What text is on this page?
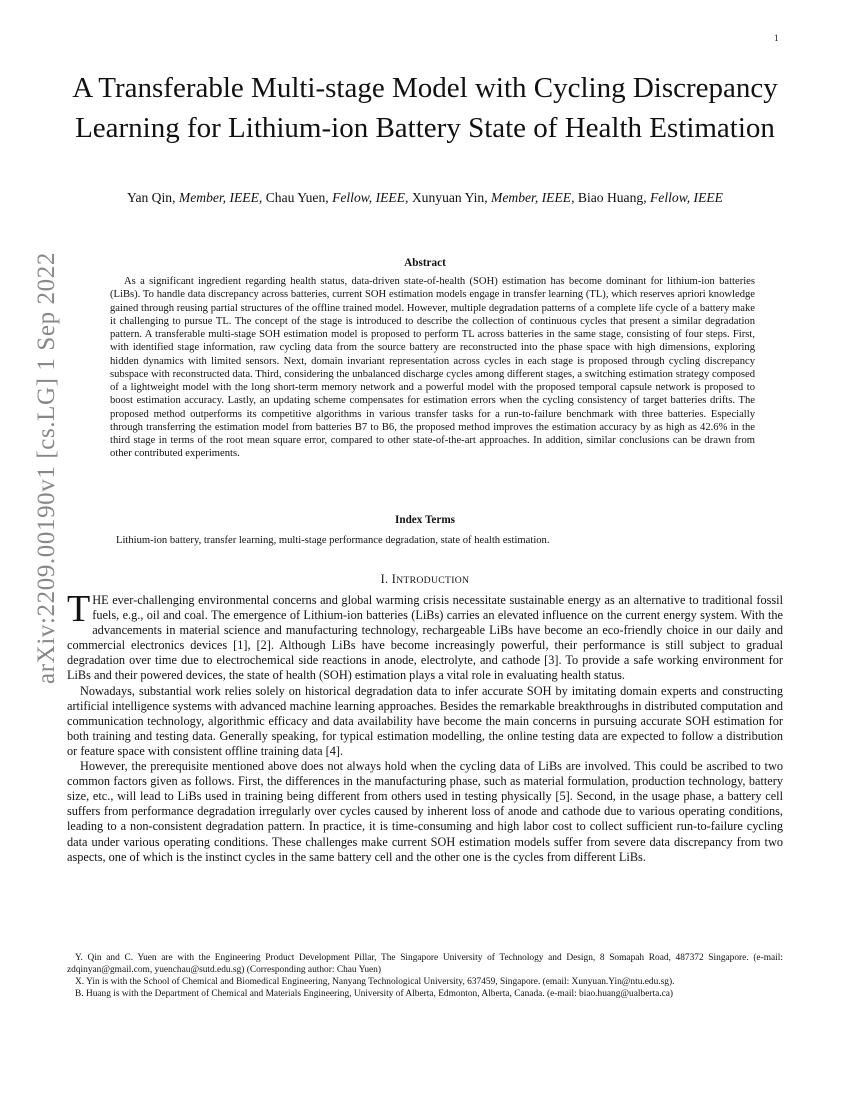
1
arXiv:2209.00190v1 [cs.LG] 1 Sep 2022
A Transferable Multi-stage Model with Cycling Discrepancy Learning for Lithium-ion Battery State of Health Estimation
Yan Qin, Member, IEEE, Chau Yuen, Fellow, IEEE, Xunyuan Yin, Member, IEEE, Biao Huang, Fellow, IEEE
Abstract

As a significant ingredient regarding health status, data-driven state-of-health (SOH) estimation has become dominant for lithium-ion batteries (LiBs). To handle data discrepancy across batteries, current SOH estimation models engage in transfer learning (TL), which reserves apriori knowledge gained through reusing partial structures of the offline trained model. However, multiple degradation patterns of a complete life cycle of a battery make it challenging to pursue TL. The concept of the stage is introduced to describe the collection of continuous cycles that present a similar degradation pattern. A transferable multi-stage SOH estimation model is proposed to perform TL across batteries in the same stage, consisting of four steps. First, with identified stage information, raw cycling data from the source battery are reconstructed into the phase space with high dimensions, exploring hidden dynamics with limited sensors. Next, domain invariant representation across cycles in each stage is proposed through cycling discrepancy subspace with reconstructed data. Third, considering the unbalanced discharge cycles among different stages, a switching estimation strategy composed of a lightweight model with the long short-term memory network and a powerful model with the proposed temporal capsule network is proposed to boost estimation accuracy. Lastly, an updating scheme compensates for estimation errors when the cycling consistency of target batteries drifts. The proposed method outperforms its competitive algorithms in various transfer tasks for a run-to-failure benchmark with three batteries. Especially through transferring the estimation model from batteries B7 to B6, the proposed method improves the estimation accuracy by as high as 42.6% in the third stage in terms of the root mean square error, compared to other state-of-the-art approaches. In addition, similar conclusions can be drawn from other contributed experiments.

Index Terms

Lithium-ion battery, transfer learning, multi-stage performance degradation, state of health estimation.

I. INTRODUCTION

THE ever-challenging environmental concerns and global warming crisis necessitate sustainable energy as an alternative to traditional fossil fuels, e.g., oil and coal. The emergence of Lithium-ion batteries (LiBs) carries an elevated influence on the current energy system. With the advancements in material science and manufacturing technology, rechargeable LiBs have become an eco-friendly choice in our daily and commercial electronics devices [1], [2]. Although LiBs have become increasingly powerful, their performance is still subject to gradual degradation over time due to electrochemical side reactions in anode, electrolyte, and cathode [3]. To provide a safe working environment for LiBs and their powered devices, the state of health (SOH) estimation plays a vital role in evaluating health status.

Nowadays, substantial work relies solely on historical degradation data to infer accurate SOH by imitating domain experts and constructing artificial intelligence systems with advanced machine learning approaches. Besides the remarkable breakthroughs in distributed computation and communication technology, algorithmic efficacy and data availability have become the main concerns in pursuing accurate SOH estimation for both training and testing data. Generally speaking, for typical estimation modelling, the online testing data are expected to follow a distribution or feature space with consistent offline training data [4].

However, the prerequisite mentioned above does not always hold when the cycling data of LiBs are involved. This could be ascribed to two common factors given as follows. First, the differences in the manufacturing phase, such as material formulation, production technology, battery size, etc., will lead to LiBs used in training being different from others used in testing physically [5]. Second, in the usage phase, a battery cell suffers from performance degradation irregularly over cycles caused by inherent loss of anode and cathode due to various operating conditions, leading to a non-consistent degradation pattern. In practice, it is time-consuming and high labor cost to collect sufficient run-to-failure cycling data under various operating conditions. These challenges make current SOH estimation models suffer from severe data discrepancy from two aspects, one of which is the instinct cycles in the same battery cell and the other one is the cycles from different LiBs.

Y. Qin and C. Yuen are with the Engineering Product Development Pillar, The Singapore University of Technology and Design, 8 Somapah Road, 487372 Singapore. (e-mail: zdqinyan@gmail.com, yuenchau@sutd.edu.sg) (Corresponding author: Chau Yuen)

X. Yin is with the School of Chemical and Biomedical Engineering, Nanyang Technological University, 637459, Singapore. (email: Xunyuan.Yin@ntu.edu.sg).

B. Huang is with the Department of Chemical and Materials Engineering, University of Alberta, Edmonton, Alberta, Canada. (e-mail: biao.huang@ualberta.ca)
